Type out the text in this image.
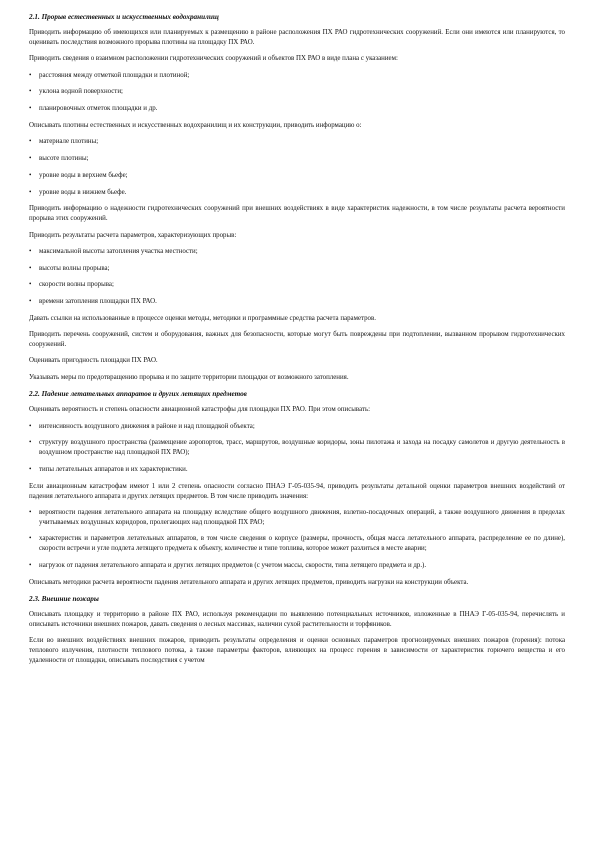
2.1. Прорыв естественных и искусственных водохранилищ

Приводить информацию об имеющихся или планируемых к размещению в районе расположения ПХ РАО гидротехнических сооружений. Если они имеются или планируются, то оценивать последствия возможного прорыва плотины на площадку ПХ РАО.

Приводить сведения о взаимном расположении гидротехнических сооружений и объектов ПХ РАО в виде плана с указанием:

•	расстояния между отметкой площадки и плотиной;
•	уклона водной поверхности;
•	планировочных отметок площадки и др.

Описывать плотины естественных и искусственных водохранилищ и их конструкции, приводить информацию о:

•	материале плотины;
•	высоте плотины;
•	уровне воды в верхнем бьефе;
•	уровне воды в нижнем бьефе.

Приводить информацию о надежности гидротехнических сооружений при внешних воздействиях в виде характеристик надежности, в том числе результаты расчета вероятности прорыва этих сооружений.

Приводить результаты расчета параметров, характеризующих прорыв:

•	максимальной высоты затопления участка местности;
•	высоты волны прорыва;
•	скорости волны прорыва;
•	времени затопления площадки ПХ РАО.

Давать ссылки на использованные в процессе оценки методы, методики и программные средства расчета параметров.

Приводить перечень сооружений, систем и оборудования, важных для безопасности, которые могут быть повреждены при подтоплении, вызванном прорывом гидротехнических сооружений.

Оценивать пригодность площадки ПХ РАО.

Указывать меры по предотвращению прорыва и по защите территории площадки от возможного затопления.

2.2. Падение летательных аппаратов и других летящих предметов

Оценивать вероятность и степень опасности авиационной катастрофы для площадки ПХ РАО. При этом описывать:

•	интенсивность воздушного движения в районе и над площадкой объекта;
•	структуру воздушного пространства (размещение аэропортов, трасс, маршрутов, воздушные коридоры, зоны пилотажа и захода на посадку самолетов и другую деятельность в воздушном пространстве над площадкой ПХ РАО);
•	типы летательных аппаратов и их характеристики.

Если авиационным катастрофам имеют 1 или 2 степень опасности согласно ПНАЭ Г-05-035-94, приводить результаты детальной оценки параметров внешних воздействий от падения летательного аппарата и других летящих предметов. В том числе приводить значения:

•	вероятности падения летательного аппарата на площадку вследствие общего воздушного движения, взлетно-посадочных операций, а также воздушного движения в пределах учитываемых воздушных коридоров, пролегающих над площадкой ПХ РАО;
•	характеристик и параметров летательных аппаратов, в том числе сведения о корпусе (размеры, прочность, общая масса летательного аппарата, распределение ее по длине), скорости встречи и угле подлета летящего предмета к объекту, количестве и типе топлива, которое может разлиться в месте аварии;
•	нагрузок от падения летательного аппарата и других летящих предметов (с учетом массы, скорости, типа летящего предмета и др.).

Описывать методики расчета вероятности падения летательного аппарата и других летящих предметов, приводить нагрузки на конструкции объекта.

2.3. Внешние пожары

Описывать площадку и территорию в районе ПХ РАО, используя рекомендации по выявлению потенциальных источников, изложенные в ПНАЭ Г-05-035-94, перечислять и описывать источники внешних пожаров, давать сведения о лесных массивах, наличии сухой растительности и торфяников.

Если во внешних воздействиях внешних пожаров, приводить результаты определения и оценки основных параметров прогнозируемых внешних пожаров (горения): потока теплового излучения, плотности теплового потока, а также параметры факторов, влияющих на процесс горения в зависимости от характеристик горючего вещества и его удаленности от площадки, описывать последствия с учетом
